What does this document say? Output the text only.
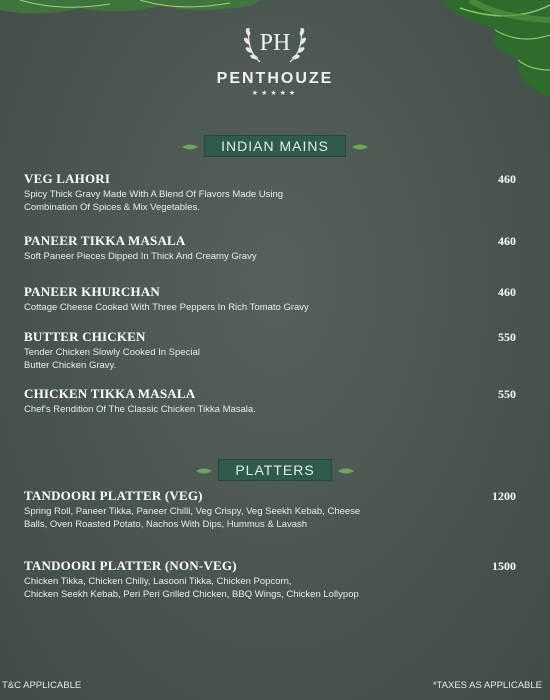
PH
PENTHOUZE
★★★★★
INDIAN MAINS
VEG LAHORI
Spicy Thick Gravy Made With A Blend Of Flavors Made Using
Combination Of Spices & Mix Vegetables.
460
PANEER TIKKA MASALA
Soft Paneer Pieces Dipped In Thick And Creamy Gravy
460
PANEER KHURCHAN
Cottage Cheese Cooked With Three Peppers In Rich Tomato Gravy
460
BUTTER CHICKEN
Tender Chicken Slowly Cooked In Special
Butter Chicken Gravy.
550
CHICKEN TIKKA MASALA
Chef's Rendition Of The Classic Chicken Tikka Masala.
550
PLATTERS
TANDOORI PLATTER (VEG)
Spring Roll, Paneer Tikka, Paneer Chilli, Veg Crispy, Veg Seekh Kebab, Cheese
Balls, Oven Roasted Potato, Nachos With Dips, Hummus & Lavash
1200
TANDOORI PLATTER (NON-VEG)
Chicken Tikka, Chicken Chilly, Lasooni Tikka, Chicken Popcorn,
Chicken Seekh Kebab, Peri Peri Grilled Chicken, BBQ Wings, Chicken Lollypop
1500
T&C APPLICABLE	*TAXES AS APPLICABLE
